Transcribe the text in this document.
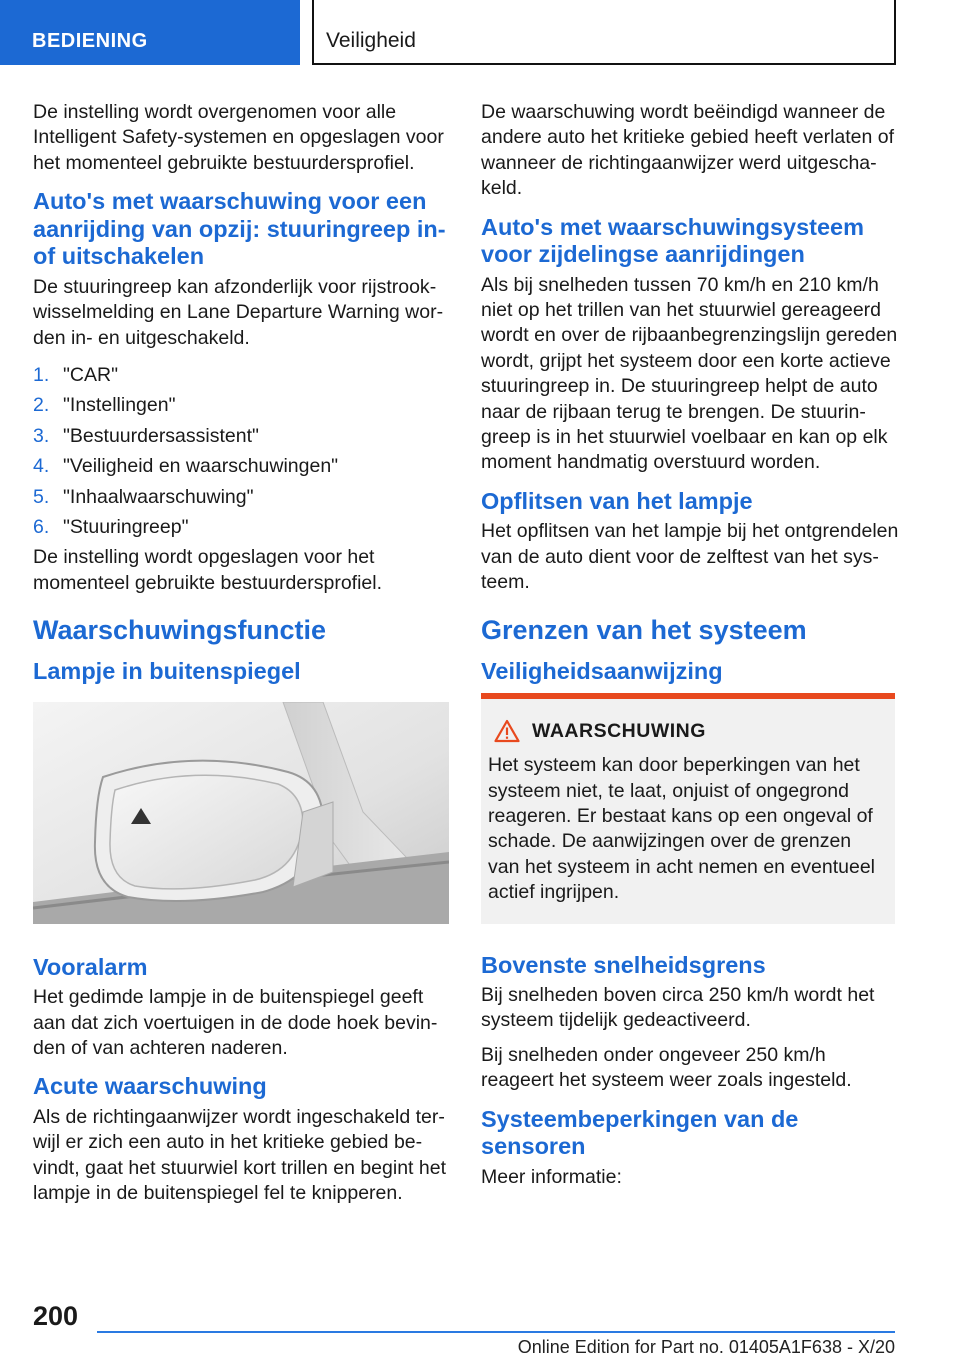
BEDIENING	Veiligheid

De instelling wordt overgenomen voor alle Intelligent Safety-systemen en opgeslagen voor het momenteel gebruikte bestuurdersprofiel.

Auto's met waarschuwing voor een aanrijding van opzij: stuuringreep in- of uitschakelen

De stuuringreep kan afzonderlijk voor rijstrookwisselmelding en Lane Departure Warning worden in- en uitgeschakeld.

1. "CAR"
2. "Instellingen"
3. "Bestuurdersassistent"
4. "Veiligheid en waarschuwingen"
5. "Inhaalwaarschuwing"
6. "Stuuringreep"

De instelling wordt opgeslagen voor het momenteel gebruikte bestuurdersprofiel.

Waarschuwingsfunctie
Lampje in buitenspiegel
Vooralarm

Het gedimde lampje in de buitenspiegel geeft aan dat zich voertuigen in de dode hoek bevinden of van achteren naderen.

Acute waarschuwing

Als de richtingaanwijzer wordt ingeschakeld terwijl er zich een auto in het kritieke gebied bevindt, gaat het stuurwiel kort trillen en begint het lampje in de buitenspiegel fel te knipperen.

De waarschuwing wordt beëindigd wanneer de andere auto het kritieke gebied heeft verlaten of wanneer de richtingaanwijzer werd uitgeschakeld.

Auto's met waarschuwingsysteem voor zijdelingse aanrijdingen

Als bij snelheden tussen 70 km/h en 210 km/h niet op het trillen van het stuurwiel gereageerd wordt en over de rijbaanbegrenzingslijn gereden wordt, grijpt het systeem door een korte actieve stuuringreep in. De stuuringreep helpt de auto naar de rijbaan terug te brengen. De stuuringreep is in het stuurwiel voelbaar en kan op elk moment handmatig overstuurd worden.

Opflitsen van het lampje

Het opflitsen van het lampje bij het ontgrendelen van de auto dient voor de zelftest van het systeem.

Grenzen van het systeem
Veiligheidsaanwijzing
WAARSCHUWING

Het systeem kan door beperkingen van het systeem niet, te laat, onjuist of ongegrond reageren. Er bestaat kans op een ongeval of schade. De aanwijzingen over de grenzen van het systeem in acht nemen en eventueel actief ingrijpen.

Bovenste snelheidsgrens

Bij snelheden boven circa 250 km/h wordt het systeem tijdelijk gedeactiveerd.

Bij snelheden onder ongeveer 250 km/h reageert het systeem weer zoals ingesteld.

Systeembeperkingen van de sensoren

Meer informatie:

200
Online Edition for Part no. 01405A1F638 - X/20
